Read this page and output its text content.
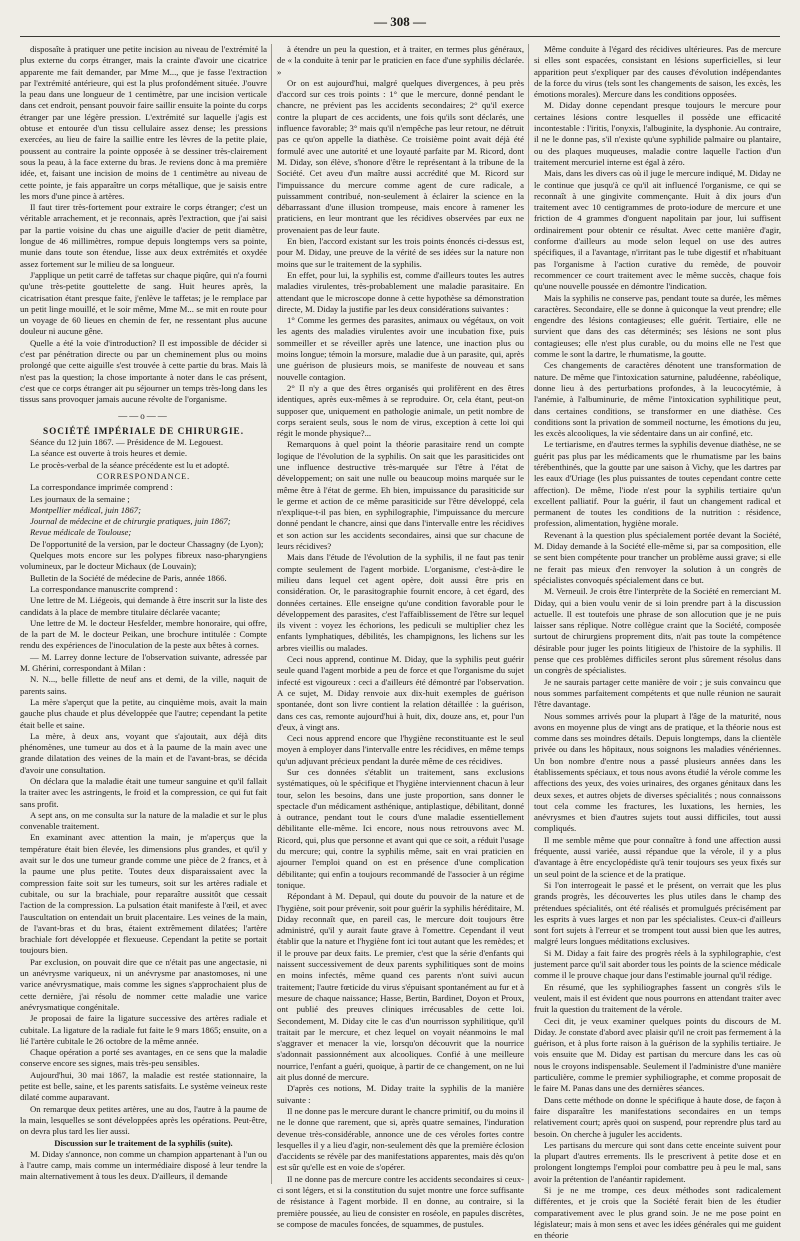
— 308 —

disposaîte à pratiquer une petite incision au niveau de l'extrémité la plus externe du corps étranger, mais la crainte d'avoir une cicatrice apparente me fait demander, par Mme M..., que je fasse l'extraction par l'extrémité antérieure, qui est la plus profondément située. J'ouvre la peau dans une longueur de 1 centimètre, par une incision verticale dans cet endroit, pensant pouvoir faire saillir ensuite la pointe du corps étranger par une légère pression. L'extrémité sur laquelle j'agis est obtuse et entourée d'un tissu cellulaire assez dense; les pressions exercées, au lieu de faire la saillie entre les lèvres de la petite plaie, poussent au contraire la pointe opposée à se dessiner très-clairement sous la peau, à la face externe du bras. Je reviens donc à ma première idée, et, faisant une incision de moins de 1 centimètre au niveau de cette pointe, je fais apparaître un corps métallique, que je saisis entre les mors d'une pince à artères.

Il faut tirer très-fortement pour extraire le corps étranger; c'est un véritable arrachement, et je reconnais, après l'extraction, que j'ai saisi par la partie voisine du chas une aiguille d'acier de petit diamètre, longue de 46 millimètres, rompue depuis longtemps vers sa pointe, munie dans toute son étendue, lisse aux deux extrémités et oxydée assez fortement sur le milieu de sa longueur.

J'applique un petit carré de taffetas sur chaque piqûre, qui n'a fourni qu'une très-petite gouttelette de sang. Huit heures après, la cicatrisation étant presque faite, j'enlève le taffetas; je le remplace par un petit linge mouillé, et le soir même, Mme M... se mit en route pour un voyage de 60 lieues en chemin de fer, ne ressentant plus aucune douleur ni aucune gêne.

Quelle a été la voie d'introduction? Il est impossible de décider si c'est par pénétration directe ou par un cheminement plus ou moins prolongé que cette aiguille s'est trouvée à cette partie du bras. Mais là n'est pas la question; la chose importante à noter dans le cas présent, c'est que ce corps étranger ait pu séjourner un temps très-long dans les tissus sans provoquer jamais aucune révolte de l'organisme.

——o——

SOCIÉTÉ IMPÉRIALE DE CHIRURGIE.

Séance du 12 juin 1867. — Présidence de M. Legouest.

La séance est ouverte à trois heures et demie.

Le procès-verbal de la séance précédente est lu et adopté.

CORRESPONDANCE.

La correspondance imprimée comprend :

Les journaux de la semaine ;

Montpellier médical, juin 1867;

Journal de médecine et de chirurgie pratiques, juin 1867;

Revue médicale de Toulouse;

De l'opportunité de la version, par le docteur Chassagny (de Lyon);

Quelques mots encore sur les polypes fibreux naso-pharyngiens volumineux, par le docteur Michaux (de Louvain);

Bulletin de la Société de médecine de Paris, année 1866.

La correspondance manuscrite comprend :

Une lettre de M. Liégeois, qui demande à être inscrit sur la liste des candidats à la place de membre titulaire déclarée vacante;

Une lettre de M. le docteur Hesfelder, membre honoraire, qui offre, de la part de M. le docteur Peikan, une brochure intitulée : Compte rendu des expériences de l'inoculation de la peste aux bêtes à cornes.

— M. Larrey donne lecture de l'observation suivante, adressée par M. Ghérini, correspondant à Milan :

N. N..., belle fillette de neuf ans et demi, de la ville, naquit de parents sains.

La mère s'aperçut que la petite, au cinquième mois, avait la main gauche plus chaude et plus développée que l'autre; cependant la petite était belle et saine.

La mère, à deux ans, voyant que s'ajoutait, aux déjà dits phénomènes, une tumeur au dos et à la paume de la main avec une grande dilatation des veines de la main et de l'avant-bras, se décida d'avoir une consultation.

On déclara que la maladie était une tumeur sanguine et qu'il fallait la traiter avec les astringents, le froid et la compression, ce qui fut fait sans profit.

A sept ans, on me consulta sur la nature de la maladie et sur le plus convenable traitement.

En examinant avec attention la main, je m'aperçus que la température était bien élevée, les dimensions plus grandes, et qu'il y avait sur le dos une tumeur grande comme une pièce de 2 francs, et à la paume une plus petite. Toutes deux disparaissaient avec la compression faite soit sur les tumeurs, soit sur les artères radiale et cubitale, ou sur la brachiale, pour reparaître aussitôt que cessait l'action de la compression. La pulsation était manifeste à l'œil, et avec l'auscultation on entendait un bruit placentaire. Les veines de la main, de l'avant-bras et du bras, étaient extrêmement dilatées; l'artère brachiale fort développée et flexueuse. Cependant la petite se portait toujours bien.

Par exclusion, on pouvait dire que ce n'était pas une angectasie, ni un anévrysme variqueux, ni un anévrysme par anastomoses, ni une varice anévrysmatique, mais comme les signes s'approchaient plus de cette dernière, j'ai résolu de nommer cette maladie une varice anévrysmatique congénitale.

Je proposai de faire la ligature successive des artères radiale et cubitale. La ligature de la radiale fut faite le 9 mars 1865; ensuite, on a lié l'artère cubitale le 26 octobre de la même année.

Chaque opération a porté ses avantages, en ce sens que la maladie conserve encore ses signes, mais très-peu sensibles.

Aujourd'hui, 30 mai 1867, la maladie est restée stationnaire, la petite est belle, saine, et les parents satisfaits. Le système veineux reste dilaté comme auparavant.

On remarque deux petites artères, une au dos, l'autre à la paume de la main, lesquelles se sont développées après les opérations. Peut-être, on devra plus tard les lier aussi.

Discussion sur le traitement de la syphilis (suite).

M. Diday s'annonce, non comme un champion appartenant à l'un ou à l'autre camp, mais comme un intermédiaire disposé à leur tendre la main alternativement à tous les deux. D'ailleurs, il demande

à étendre un peu la question, et à traiter, en termes plus généraux, de « la conduite à tenir par le praticien en face d'une syphilis déclarée. »

Or on est aujourd'hui, malgré quelques divergences, à peu près d'accord sur ces trois points : 1° que le mercure, donné pendant le chancre, ne prévient pas les accidents secondaires; 2° qu'il exerce contre la plupart de ces accidents, une fois qu'ils sont déclarés, une influence favorable; 3° mais qu'il n'empêche pas leur retour, ne détruit pas ce qu'on appelle la diathèse. Ce troisième point avait déjà été formulé avec une autorité et une loyauté parfaite par M. Ricord, dont M. Diday, son élève, s'honore d'être le représentant à la tribune de la Société. Cet aveu d'un maître aussi accrédité que M. Ricord sur l'impuissance du mercure comme agent de cure radicale, a puissamment contribué, non-seulement à éclairer la science en la débarrassant d'une illusion trompeuse, mais encore à ramener les praticiens, en leur montrant que les récidives observées par eux ne provenaient pas de leur faute.

En bien, l'accord existant sur les trois points énoncés ci-dessus est, pour M. Diday, une preuve de la vérité de ses idées sur la nature non moins que sur le traitement de la syphilis.

En effet, pour lui, la syphilis est, comme d'ailleurs toutes les autres maladies virulentes, très-probablement une maladie parasitaire. En attendant que le microscope donne à cette hypothèse sa démonstration directe, M. Diday la justifie par les deux considérations suivantes :

1° Comme les germes des parasites, animaux ou végétaux, on voit les agents des maladies virulentes avoir une incubation fixe, puis sommeiller et se réveiller après une latence, une inaction plus ou moins longue; témoin la morsure, maladie due à un parasite, qui, après une guérison de plusieurs mois, se manifeste de nouveau et sans nouvelle contagion.

2° Il n'y a que des êtres organisés qui prolifèrent en des êtres identiques, après eux-mêmes à se reproduire. Or, cela étant, peut-on supposer que, uniquement en pathologie animale, un petit nombre de corps seraient seuls, sous le nom de virus, exception à cette loi qui régit le monde physique?...

Remarquons à quel point la théorie parasitaire rend un compte logique de l'évolution de la syphilis. On sait que les parasiticides ont une influence destructive très-marquée sur l'être à l'état de développement; on sait une nulle ou beaucoup moins marquée sur le même être à l'état de germe. Eh bien, impuissance du parasiticide sur le germe et action de ce même parasiticide sur l'être développé, cela n'explique-t-il pas bien, en syphilographie, l'impuissance du mercure donné pendant le chancre, ainsi que dans l'intervalle entre les récidives et son action sur les accidents secondaires, ainsi que sur chacune de leurs récidives?

Mais dans l'étude de l'évolution de la syphilis, il ne faut pas tenir compte seulement de l'agent morbide. L'organisme, c'est-à-dire le milieu dans lequel cet agent opère, doit aussi être pris en considération. Or, le parasitographie fournit encore, à cet égard, des données certaines. Elle enseigne qu'une condition favorable pour le développement des parasites, c'est l'affaiblissement de l'être sur lequel ils vivent : voyez les échorions, les pediculi se multiplier chez les enfants lymphatiques, débilités, les champignons, les lichens sur les arbres vieillis ou malades.

Ceci nous apprend, continue M. Diday, que la syphilis peut guérir seule quand l'agent morbide a peu de force et que l'organisme du sujet infecté est vigoureux : ceci a d'ailleurs été démontré par l'observation. A ce sujet, M. Diday renvoie aux dix-huit exemples de guérison spontanée, dont son livre contient la relation détaillée : la guérison, dans ces cas, remonte aujourd'hui à huit, dix, douze ans, et, pour l'un d'eux, à vingt ans.

Ceci nous apprend encore que l'hygiène reconstituante est le seul moyen à employer dans l'intervalle entre les récidives, en même temps qu'un adjuvant précieux pendant la durée même de ces récidives.

Sur ces données s'établit un traitement, sans exclusions systématiques, où le spécifique et l'hygiène interviennent chacun à leur tour, selon les besoins, dans une juste proportion, sans donner le spectacle d'un médicament asthénique, antiplastique, débilitant, donné à outrance, pendant tout le cours d'une maladie essentiellement débilitante elle-même. Ici encore, nous nous retrouvons avec M. Ricord, qui, plus que personne et avant qui que ce soit, a réduit l'usage du mercure; qui, contre la syphilis même, sait en vrai praticien en ajourner l'emploi quand on est en présence d'une complication débilitante; qui enfin a toujours recommandé de l'associer à un régime tonique.

Répondant à M. Depaul, qui doute du pouvoir de la nature et de l'hygiène, soit pour prévenir, soit pour guérir la syphilis héréditaire, M. Diday reconnaît que, en pareil cas, le mercure doit toujours être administré, qu'il y aurait faute grave à l'omettre. Cependant il veut établir que la nature et l'hygiène font ici tout autant que les remèdes; et il le prouve par deux faits. Le premier, c'est que la série d'enfants qui naissent successivement de deux parents syphilitiques sont de moins en moins infectés, même quand ces parents n'ont suivi aucun traitement; l'autre fœticide du virus s'épuisant spontanément au fur et à mesure de chaque naissance; Hasse, Bertin, Bardinet, Doyon et Proux, ont publié des preuves cliniques irrécusables de cette loi. Secondement, M. Diday cite le cas d'un nourrisson syphilitique, qu'il traitait par le mercure, et chez lequel on voyait néanmoins le mal s'aggraver et menacer la vie, lorsqu'on découvrit que la nourrice s'adonnait passionnément aux alcooliques. Confié à une meilleure nourrice, l'enfant a guéri, quoique, à partir de ce changement, on ne lui ait plus donné de mercure.

D'après ces notions, M. Diday traite la syphilis de la manière suivante :

Il ne donne pas le mercure durant le chancre primitif, ou du moins il ne le donne que rarement, que si, après quatre semaines, l'induration devenue très-considérable, annonce une de ces véroles fortes contre lesquelles il y a lieu d'agir, non-seulement dès que la première éclosion d'accidents se révèle par des manifestations apparentes, mais dès qu'on est sûr qu'elle est en voie de s'opérer.

Il ne donne pas de mercure contre les accidents secondaires si ceux-ci sont légers, et si la constitution du sujet montre une force suffisante de résistance à l'agent morbide. Il en donne, au contraire, si la première poussée, au lieu de consister en roséole, en papules discrètes, se compose de macules foncées, de squammes, de pustules.

Même conduite à l'égard des récidives ultérieures. Pas de mercure si elles sont espacées, consistant en lésions superficielles, si leur apparition peut s'expliquer par des causes d'évolution indépendantes de la force du virus (tels sont les changements de saison, les excès, les émotions morales). Mercure dans les conditions opposées.

M. Diday donne cependant presque toujours le mercure pour certaines lésions contre lesquelles il possède une efficacité incontestable : l'iritis, l'onyxis, l'albuginite, la dysphonie. Au contraire, il ne le donne pas, s'il n'existe qu'une syphilide palmaire ou plantaire, ou des plaques muqueuses, maladie contre laquelle l'action d'un traitement mercuriel interne est égal à zéro.

Mais, dans les divers cas où il juge le mercure indiqué, M. Diday ne le continue que jusqu'à ce qu'il ait influencé l'organisme, ce qui se reconnaît à une gingivite commençante. Huit à dix jours d'un traitement avec 10 centigrammes de proto-iodure de mercure et une friction de 4 grammes d'onguent napolitain par jour, lui suffisent ordinairement pour obtenir ce résultat. Avec cette manière d'agir, conforme d'ailleurs au mode selon lequel on use des autres spécifiques, il a l'avantage, n'irritant pas le tube digestif et n'habituant pas l'organisme à l'action curative du remède, de pouvoir recommencer ce court traitement avec le même succès, chaque fois qu'une nouvelle poussée en démontre l'indication.

Mais la syphilis ne conserve pas, pendant toute sa durée, les mêmes caractères. Secondaire, elle se donne à quiconque la veut prendre; elle engendre des lésions contagieuses; elle guérit. Tertiaire, elle ne survient que dans des cas déterminés; ses lésions ne sont plus contagieuses; elle n'est plus curable, ou du moins elle ne l'est que comme le sont la dartre, le rhumatisme, la goutte.

Ces changements de caractères dénotent une transformation de nature. De même que l'intoxication saturnine, paludéenne, rabéolique, donne lieu à des perturbations profondes, à la leucocytémie, à l'anémie, à l'albuminurie, de même l'intoxication syphilitique peut, dans certaines conditions, se transformer en une diathèse. Ces conditions sont la privation de sommeil nocturne, les émotions du jeu, les excès alcooliques, la vie sédentaire dans un air confiné, etc.

Le tertiarisme, en d'autres termes la syphilis devenue diathèse, ne se guérit pas plus par les médicaments que le rhumatisme par les bains térébenthinés, que la goutte par une saison à Vichy, que les dartres par les eaux d'Uriage (les plus puissantes de toutes cependant contre cette affection). De même, l'iode n'est pour la syphilis tertiaire qu'un excellent palliatif. Pour la guérir, il faut un changement radical et permanent de toutes les conditions de la nutrition : résidence, profession, alimentation, hygiène morale.

Revenant à la question plus spécialement portée devant la Société, M. Diday demande à la Société elle-même si, par sa composition, elle se sent bien compétente pour trancher un problème aussi grave; si elle ne ferait pas mieux d'en renvoyer la solution à un congrès de spécialistes convoqués spécialement dans ce but.

M. Verneuil. Je crois être l'interprète de la Société en remerciant M. Diday, qui a bien voulu venir de si loin prendre part à la discussion actuelle. Il est toutefois une phrase de son allocution que je ne puis laisser sans réplique. Notre collègue craint que la Société, composée surtout de chirurgiens proprement dits, n'ait pas toute la compétence désirable pour juger les points litigieux de l'histoire de la syphilis. Il pense que ces problèmes difficiles seront plus sûrement résolus dans un congrès de spécialistes.

Je ne saurais partager cette manière de voir ; je suis convaincu que nous sommes parfaitement compétents et que nulle réunion ne saurait l'être davantage.

Nous sommes arrivés pour la plupart à l'âge de la maturité, nous avons en moyenne plus de vingt ans de pratique, et la théorie nous est comme dans ses moindres détails. Depuis longtemps, dans la clientèle privée ou dans les hôpitaux, nous soignons les maladies vénériennes. Un bon nombre d'entre nous a passé plusieurs années dans les établissements spéciaux, et tous nous avons étudié la vérole comme les affections des yeux, des voies urinaires, des organes génitaux dans les deux sexes, et autres objets de diverses spécialités ; nous connaissons tout cela comme les fractures, les luxations, les hernies, les anévrysmes et bien d'autres sujets tout aussi difficiles, tout aussi compliqués.

Il me semble même que pour connaître à fond une affection aussi fréquente, aussi variée, aussi répandue que la vérole, il y a plus d'avantage à être encyclopédiste qu'à tenir toujours ses yeux fixés sur un seul point de la science et de la pratique.

Si l'on interrogeait le passé et le présent, on verrait que les plus grands progrès, les découvertes les plus utiles dans le champ des prétendues spécialités, ont été réalisés et promulgués précisément par les esprits à vues larges et non par les spécialistes. Ceux-ci d'ailleurs sont fort sujets à l'erreur et se trompent tout aussi bien que les autres, malgré leurs longues méditations exclusives.

Si M. Diday a fait faire des progrès réels à la syphilographie, c'est justement parce qu'il sait aborder tous les points de la science médicale comme il le prouve chaque jour dans l'estimable journal qu'il rédige.

En résumé, que les syphiliographes fassent un congrès s'ils le veulent, mais il est évident que nous pourrons en attendant traiter avec fruit la question du traitement de la vérole.

Ceci dit, je veux examiner quelques points du discours de M. Diday. Je constate d'abord avec plaisir qu'il ne croit pas fermement à la guérison, et à plus forte raison à la guérison de la syphilis tertiaire. Je vois ensuite que M. Diday est partisan du mercure dans les cas où nous le croyons indispensable. Seulement il l'administre d'une manière particulière, comme le premier syphiliographe, et comme proposait de le faire M. Panas dans une des dernières séances.

Dans cette méthode on donne le spécifique à haute dose, de façon à faire disparaître les manifestations secondaires en un temps relativement court; après quoi on suspend, pour reprendre plus tard au besoin. On cherche à juguler les accidents.

Les partisans du mercure qui sont dans cette enceinte suivent pour la plupart d'autres errements. Ils le prescrivent à petite dose et en prolongent longtemps l'emploi pour combattre peu à peu le mal, sans avoir la prétention de l'anéantir rapidement.

Si je ne me trompe, ces deux méthodes sont radicalement différentes, et je crois que la Société ferait bien de les étudier comparativement avec le plus grand soin. Je ne me pose point en législateur; mais à mon sens et avec les idées générales qui me guident en théorie
